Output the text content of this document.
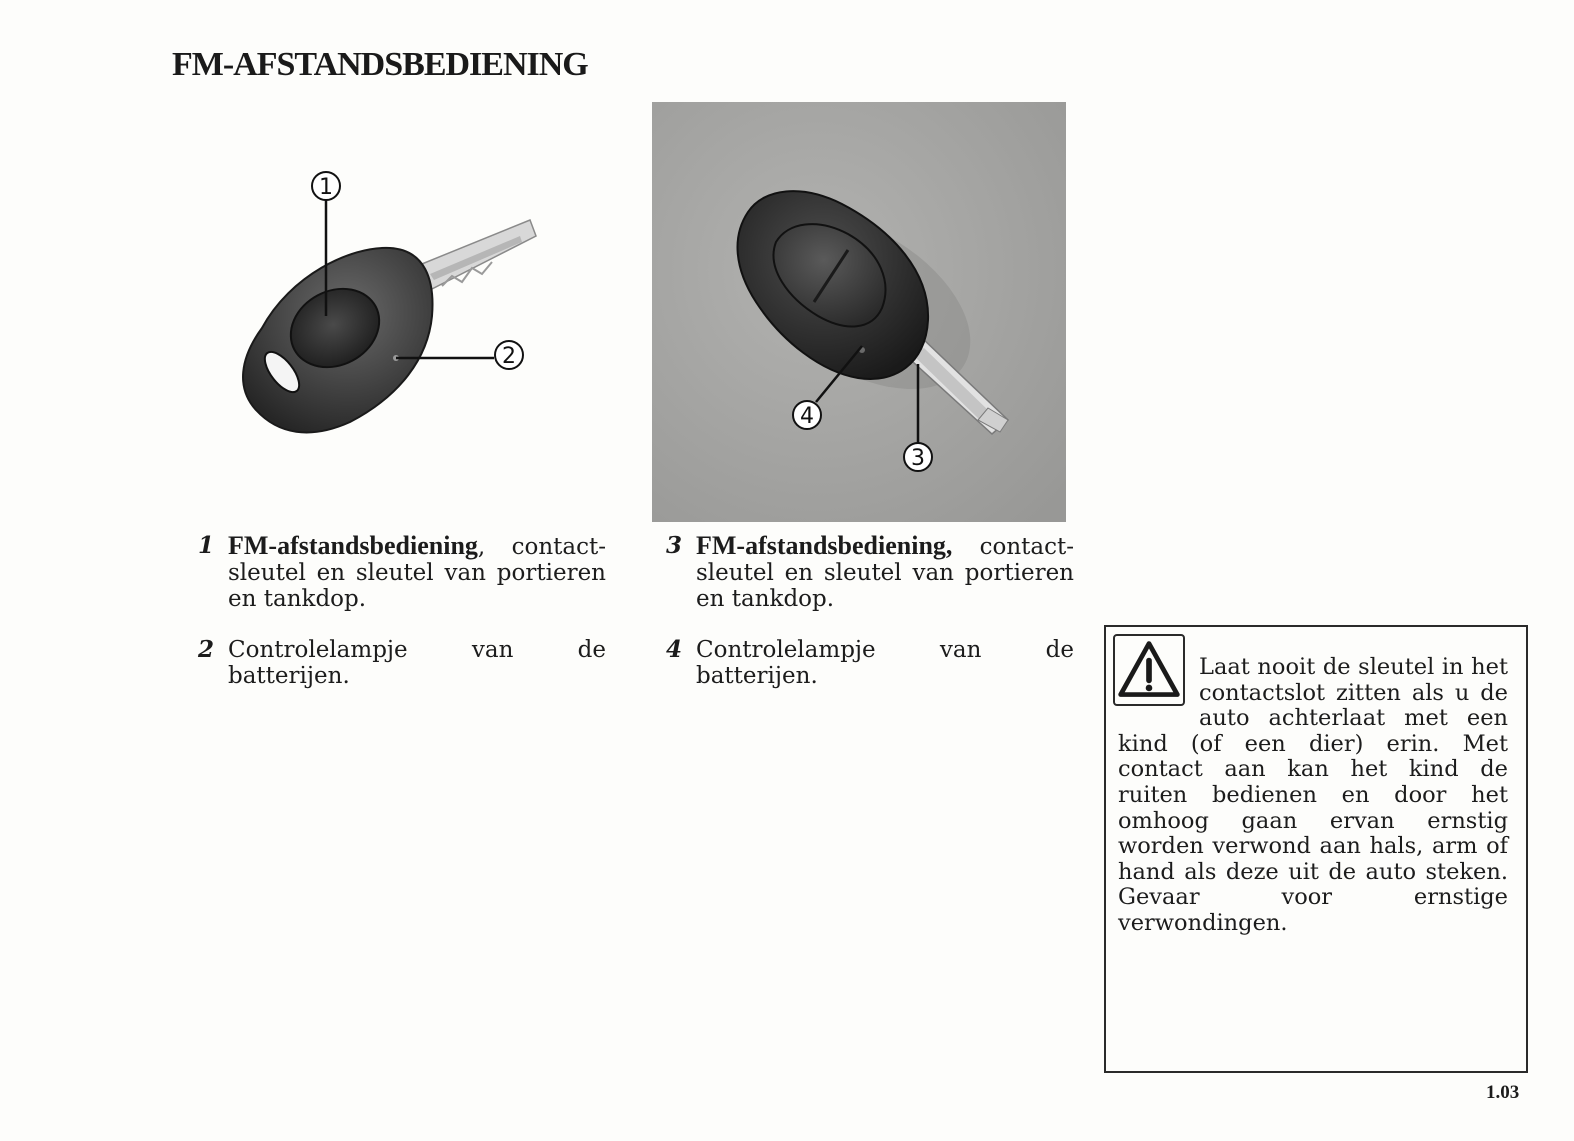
FM-AFSTANDSBEDIENING
1
2
4
3
1 FM-afstandsbediening, contact-sleutel en sleutel van portieren en tankdop.
2 Controlelampje van de batterijen.
3 FM-afstandsbediening, contact-sleutel en sleutel van portieren en tankdop.
4 Controlelampje van de batterijen.	Laat nooit de sleutel in het contactslot zitten als u de auto achterlaat met een kind (of een dier) erin. Met contact aan kan het kind de ruiten bedienen en door het omhoog gaan ervan ernstig worden verwond aan hals, arm of hand als deze uit de auto steken. Gevaar voor ernstige verwondingen.

1.03
